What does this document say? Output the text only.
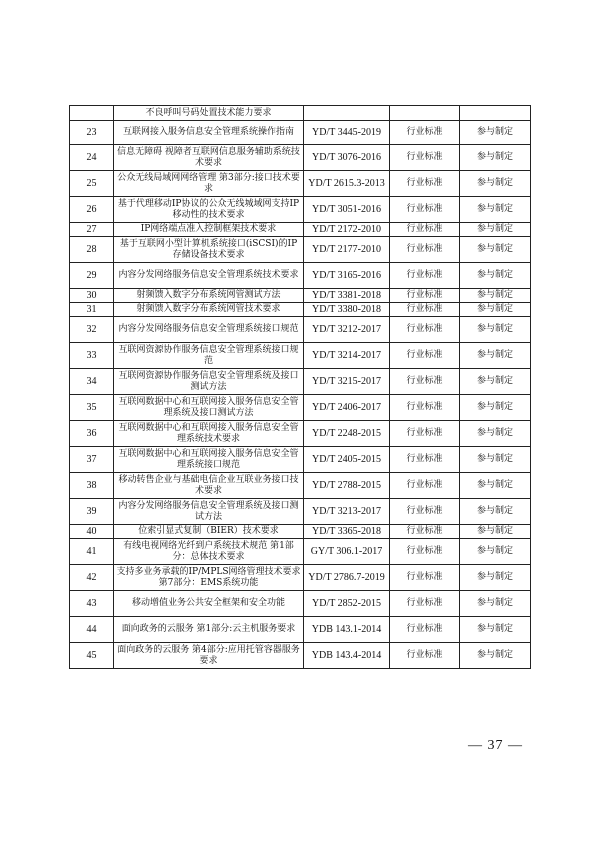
	不良呼叫号码处置技术能力要求			
23	互联网接入服务信息安全管理系统操作指南	YD/T 3445-2019	行业标准	参与制定
24	信息无障碍 视障者互联网信息服务辅助系统技术要求	YD/T 3076-2016	行业标准	参与制定
25	公众无线局域网网络管理 第3部分:接口技术要求	YD/T 2615.3-2013	行业标准	参与制定
26	基于代理移动IP协议的公众无线城域网支持IP移动性的技术要求	YD/T 3051-2016	行业标准	参与制定
27	IP网络端点准入控制框架技术要求	YD/T 2172-2010	行业标准	参与制定
28	基于互联网小型计算机系统接口(iSCSI)的IP存储设备技术要求	YD/T 2177-2010	行业标准	参与制定
29	内容分发网络服务信息安全管理系统技术要求	YD/T 3165-2016	行业标准	参与制定
30	射频馈入数字分布系统网管测试方法	YD/T 3381-2018	行业标准	参与制定
31	射频馈入数字分布系统网管技术要求	YD/T 3380-2018	行业标准	参与制定
32	内容分发网络服务信息安全管理系统接口规范	YD/T 3212-2017	行业标准	参与制定
33	互联网资源协作服务信息安全管理系统接口规范	YD/T 3214-2017	行业标准	参与制定
34	互联网资源协作服务信息安全管理系统及接口测试方法	YD/T 3215-2017	行业标准	参与制定
35	互联网数据中心和互联网接入服务信息安全管理系统及接口测试方法	YD/T 2406-2017	行业标准	参与制定
36	互联网数据中心和互联网接入服务信息安全管理系统技术要求	YD/T 2248-2015	行业标准	参与制定
37	互联网数据中心和互联网接入服务信息安全管理系统接口规范	YD/T 2405-2015	行业标准	参与制定
38	移动转售企业与基础电信企业互联业务接口技术要求	YD/T 2788-2015	行业标准	参与制定
39	内容分发网络服务信息安全管理系统及接口测试方法	YD/T 3213-2017	行业标准	参与制定
40	位索引显式复制（BIER）技术要求	YD/T 3365-2018	行业标准	参与制定
41	有线电视网络光纤到户系统技术规范 第1部分：总体技术要求	GY/T 306.1-2017	行业标准	参与制定
42	支持多业务承载的IP/MPLS网络管理技术要求 第7部分：EMS系统功能	YD/T 2786.7-2019	行业标准	参与制定
43	移动增值业务公共安全框架和安全功能	YD/T 2852-2015	行业标准	参与制定
44	面向政务的云服务 第1部分:云主机服务要求	YDB 143.1-2014	行业标准	参与制定
45	面向政务的云服务 第4部分:应用托管容器服务要求	YDB 143.4-2014	行业标准	参与制定
— 37 —
